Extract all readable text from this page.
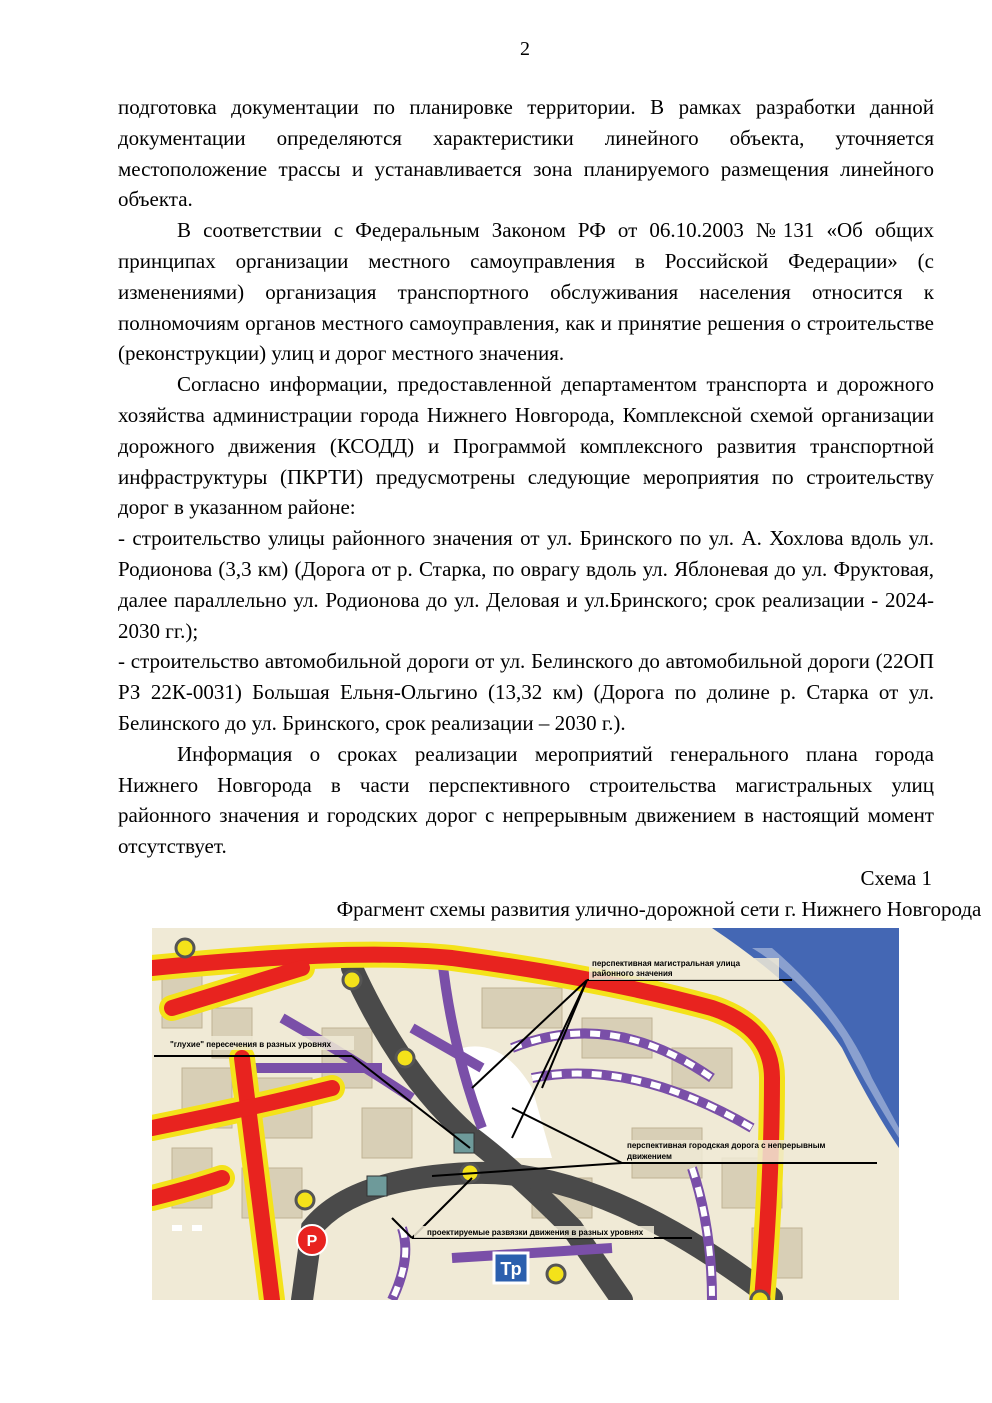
2

подготовка документации по планировке территории. В рамках разработки данной документации определяются характеристики линейного объекта, уточняется местоположение трассы и устанавливается зона планируемого размещения линейного объекта.

В соответствии с Федеральным Законом РФ от 06.10.2003 №131 «Об общих принципах организации местного самоуправления в Российской Федерации» (с изменениями) организация транспортного обслуживания населения относится к полномочиям органов местного самоуправления, как и принятие решения о строительстве (реконструкции) улиц и дорог местного значения.

Согласно информации, предоставленной департаментом транспорта и дорожного хозяйства администрации города Нижнего Новгорода, Комплексной схемой организации дорожного движения (КСОДД) и Программой комплексного развития транспортной инфраструктуры (ПКРТИ) предусмотрены следующие мероприятия по строительству дорог в указанном районе:

- строительство улицы районного значения от ул. Бринского по ул. А. Хохлова вдоль ул. Родионова (3,3 км) (Дорога от р. Старка, по оврагу вдоль ул. Яблоневая до ул. Фруктовая, далее параллельно ул. Родионова до ул. Деловая и ул.Бринского; срок реализации - 2024-2030 гг.);

- строительство автомобильной дороги от ул. Белинского до автомобильной дороги (22ОП РЗ 22К-0031) Большая Ельня-Ольгино (13,32 км) (Дорога по долине р. Старка от ул. Белинского до ул. Бринского, срок реализации – 2030 г.).

Информация о сроках реализации мероприятий генерального плана города Нижнего Новгорода в части перспективного строительства магистральных улиц районного значения и городских дорог с непрерывным движением в настоящий момент отсутствует.

Схема 1
Фрагмент схемы развития улично-дорожной сети г. Нижнего Новгорода
P
Тр
перспективная магистральная улица
районного значения
"глухие" пересечения в разных уровнях
перспективная городская дорога с непрерывным
движением
проектируемые развязки движения в разных уровнях
